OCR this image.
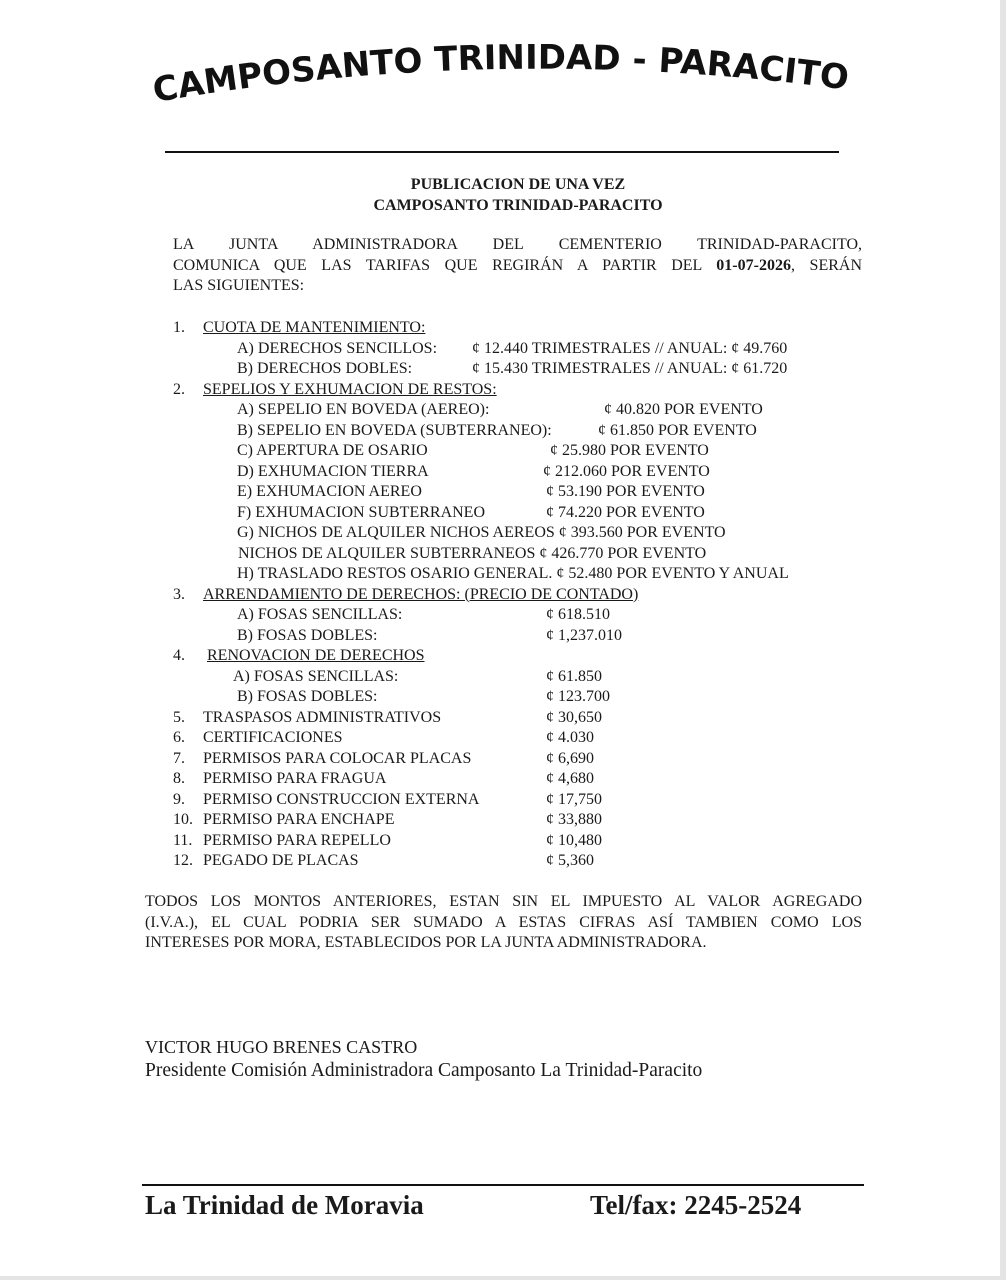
CAMPOSANTO TRINIDAD - PARACITO
PUBLICACION DE UNA VEZ
CAMPOSANTO TRINIDAD-PARACITO
LA JUNTA ADMINISTRADORA DEL CEMENTERIO TRINIDAD-PARACITO,
COMUNICA QUE LAS TARIFAS QUE REGIRÁN A PARTIR DEL 01-07-2026, SERÁN
LAS SIGUIENTES:
1. CUOTA DE MANTENIMIENTO:
A) DERECHOS SENCILLOS: ¢ 12.440 TRIMESTRALES // ANUAL: ¢ 49.760
B) DERECHOS DOBLES:	¢ 15.430 TRIMESTRALES // ANUAL: ¢ 61.720
2. SEPELIOS Y EXHUMACION DE RESTOS:
A) SEPELIO EN BOVEDA (AEREO):	¢ 40.820 POR EVENTO
B) SEPELIO EN BOVEDA (SUBTERRANEO):	¢ 61.850 POR EVENTO
C) APERTURA DE OSARIO	¢ 25.980 POR EVENTO
D) EXHUMACION TIERRA	¢ 212.060 POR EVENTO
E) EXHUMACION AEREO	¢ 53.190 POR EVENTO
F) EXHUMACION SUBTERRANEO	¢ 74.220 POR EVENTO
G) NICHOS DE ALQUILER NICHOS AEREOS ¢ 393.560 POR EVENTO
NICHOS DE ALQUILER SUBTERRANEOS ¢ 426.770 POR EVENTO
H) TRASLADO RESTOS OSARIO GENERAL. ¢ 52.480 POR EVENTO Y ANUAL
3. ARRENDAMIENTO DE DERECHOS: (PRECIO DE CONTADO)
A) FOSAS SENCILLAS:	¢ 618.510
B) FOSAS DOBLES:	¢ 1,237.010
4. RENOVACION DE DERECHOS
A) FOSAS SENCILLAS:	¢ 61.850
B) FOSAS DOBLES:	¢ 123.700
5. TRASPASOS ADMINISTRATIVOS	¢ 30,650
6. CERTIFICACIONES	¢ 4.030
7. PERMISOS PARA COLOCAR PLACAS	¢ 6,690
8. PERMISO PARA FRAGUA	¢ 4,680
9. PERMISO CONSTRUCCION EXTERNA	¢ 17,750
10. PERMISO PARA ENCHAPE	¢ 33,880
11. PERMISO PARA REPELLO	¢ 10,480
12. PEGADO DE PLACAS	¢ 5,360
TODOS LOS MONTOS ANTERIORES, ESTAN SIN EL IMPUESTO AL VALOR AGREGADO
(I.V.A.), EL CUAL PODRIA SER SUMADO A ESTAS CIFRAS ASÍ TAMBIEN COMO LOS
INTERESES POR MORA, ESTABLECIDOS POR LA JUNTA ADMINISTRADORA.
VICTOR HUGO BRENES CASTRO
Presidente Comisión Administradora Camposanto La Trinidad-Paracito
La Trinidad de Moravia	Tel/fax: 2245-2524
